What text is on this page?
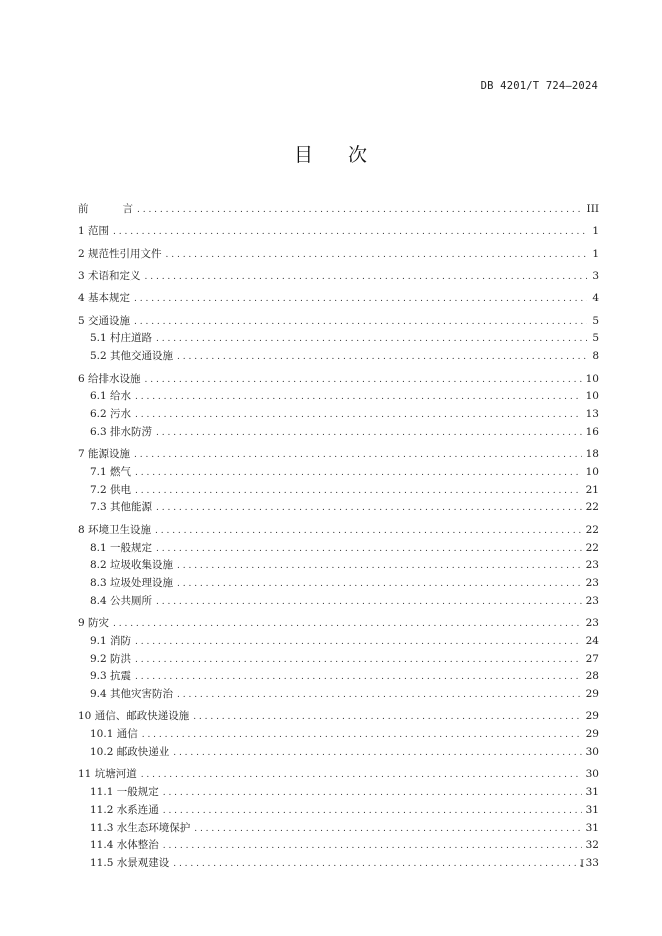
DB 4201/T 724—2024
目 次
前	言 . . .	III
1 范围 . . .	1
2 规范性引用文件 . . .	1
3 术语和定义 . . .	3
4 基本规定 . . .	4
5 交通设施 . . .	5
5.1 村庄道路 . . .	5
5.2 其他交通设施 . . .	8
6 给排水设施 . . .	10
6.1 给水 . . .	10
6.2 污水 . . .	13
6.3 排水防涝 . . .	16
7 能源设施 . . .	18
7.1 燃气 . . .	10
7.2 供电 . . .	21
7.3 其他能源 . . .	22
8 环境卫生设施 . . .	22
8.1 一般规定 . . .	22
8.2 垃圾收集设施 . . .	23
8.3 垃圾处理设施 . . .	23
8.4 公共厕所 . . .	23
9 防灾 . . .	23
9.1 消防 . . .	24
9.2 防洪 . . .	27
9.3 抗震 . . .	28
9.4 其他灾害防治 . . .	29
10 通信、邮政快递设施 . . .	29
10.1 通信 . . .	29
10.2 邮政快递业 . . .	30
11 坑塘河道 . . .	30
11.1 一般规定 . . .	31
11.2 水系连通 . . .	31
11.3 水生态环境保护 . . .	31
11.4 水体整治 . . .	32
11.5 水景观建设 . . .	33
I
